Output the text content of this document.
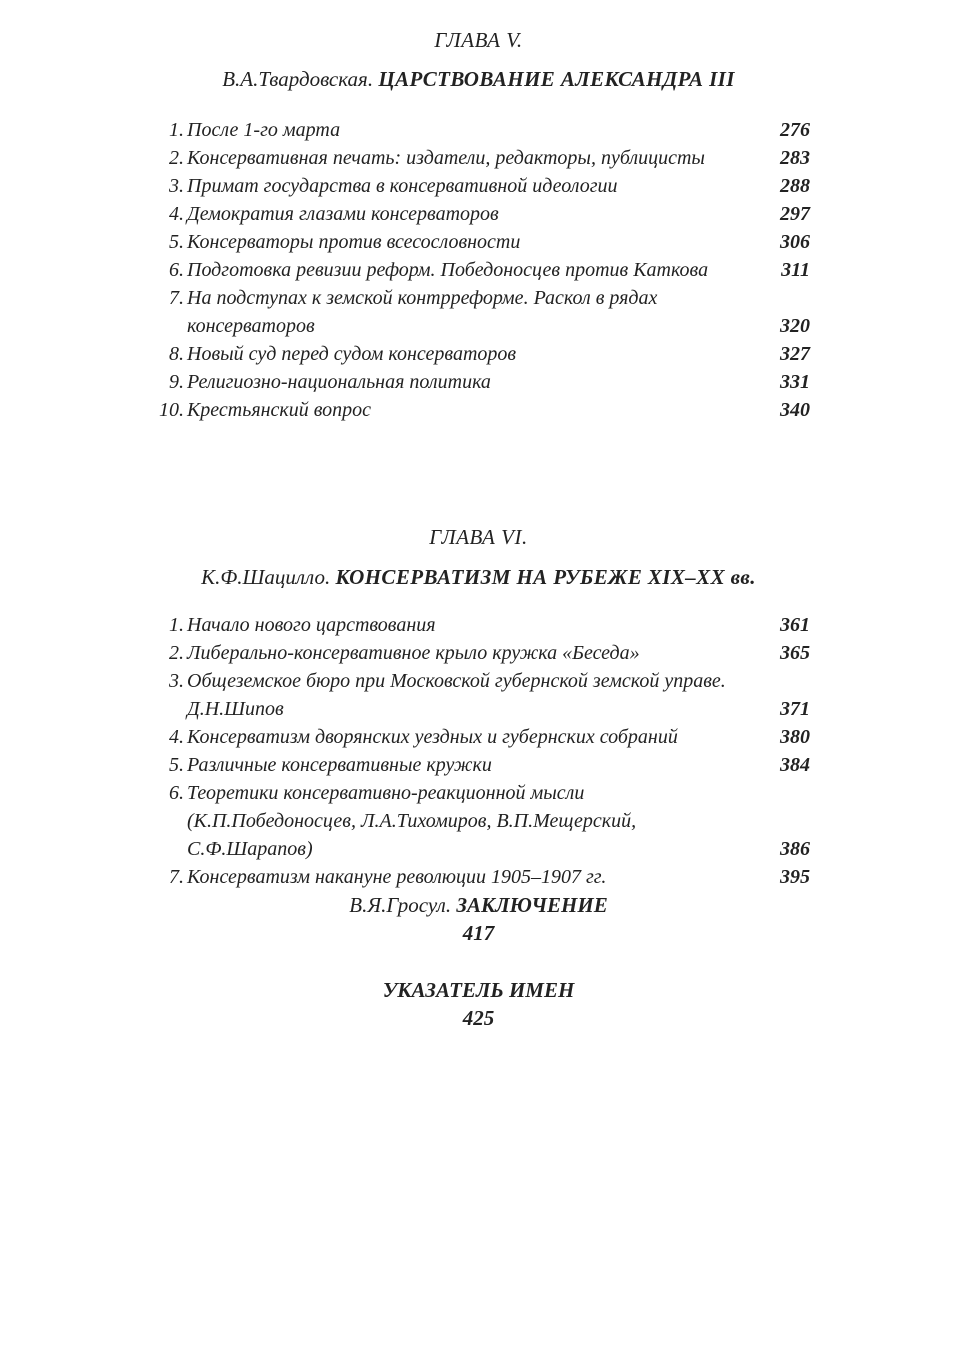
ГЛАВА V.
В.А.Твардовская. ЦАРСТВОВАНИЕ АЛЕКСАНДРА III
1. После 1-го марта	276
2. Консервативная печать: издатели, редакторы, публицисты	283
3. Примат государства в консервативной идеологии	288
4. Демократия глазами консерваторов	297
5. Консерваторы против всесословности	306
6. Подготовка ревизии реформ. Победоносцев против Каткова	311
7. На подступах к земской контрреформе. Раскол в рядах консерваторов	320
8. Новый суд перед судом консерваторов	327
9. Религиозно-национальная политика	331
10. Крестьянский вопрос	340
ГЛАВА VI.
К.Ф.Шацилло. КОНСЕРВАТИЗМ НА РУБЕЖЕ XIX–XX вв.
1. Начало нового царствования	361
2. Либерально-консервативное крыло кружка «Беседа»	365
3. Общеземское бюро при Московской губернской земской управе. Д.Н.Шипов	371
4. Консерватизм дворянских уездных и губернских собраний	380
5. Различные консервативные кружки	384
6. Теоретики консервативно-реакционной мысли (К.П.Победоносцев, Л.А.Тихомиров, В.П.Мещерский, С.Ф.Шарапов)	386
7. Консерватизм накануне революции 1905–1907 гг.	395
В.Я.Гросул. ЗАКЛЮЧЕНИЕ
417
УКАЗАТЕЛЬ ИМЕН
425
